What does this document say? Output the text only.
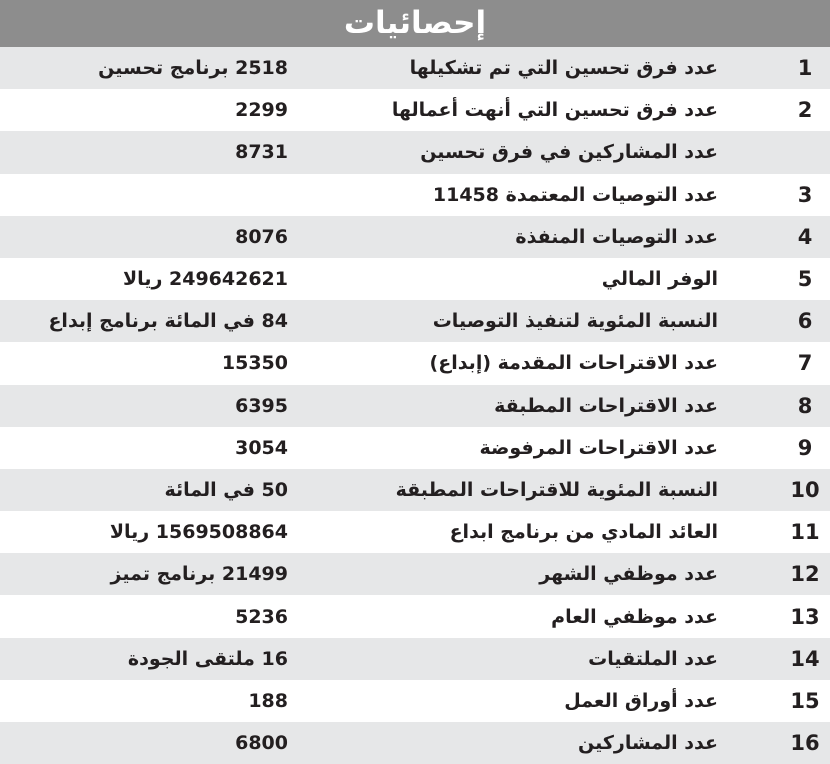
إحصائيات
1
عدد فرق تحسين التي تم تشكيلها
2518 برنامج تحسين
2
عدد فرق تحسين التي أنهت أعمالها
2299
عدد المشاركين في فرق تحسين
8731
3
عدد التوصيات المعتمدة 11458
4
عدد التوصيات المنفذة
8076
5
الوفر المالي
249642621 ريالا
6
النسبة المئوية لتنفيذ التوصيات
84 في المائة برنامج إبداع
7
عدد الاقتراحات المقدمة (إبداع)
15350
8
عدد الاقتراحات المطبقة
6395
9
عدد الاقتراحات المرفوضة
3054
10
النسبة المئوية للاقتراحات المطبقة
50 في المائة
11
العائد المادي من برنامج ابداع
1569508864 ريالا
12
عدد موظفي الشهر
21499 برنامج تميز
13
عدد موظفي العام
5236
14
عدد الملتقيات
16 ملتقى الجودة
15
عدد أوراق العمل
188
16
عدد المشاركين
6800
